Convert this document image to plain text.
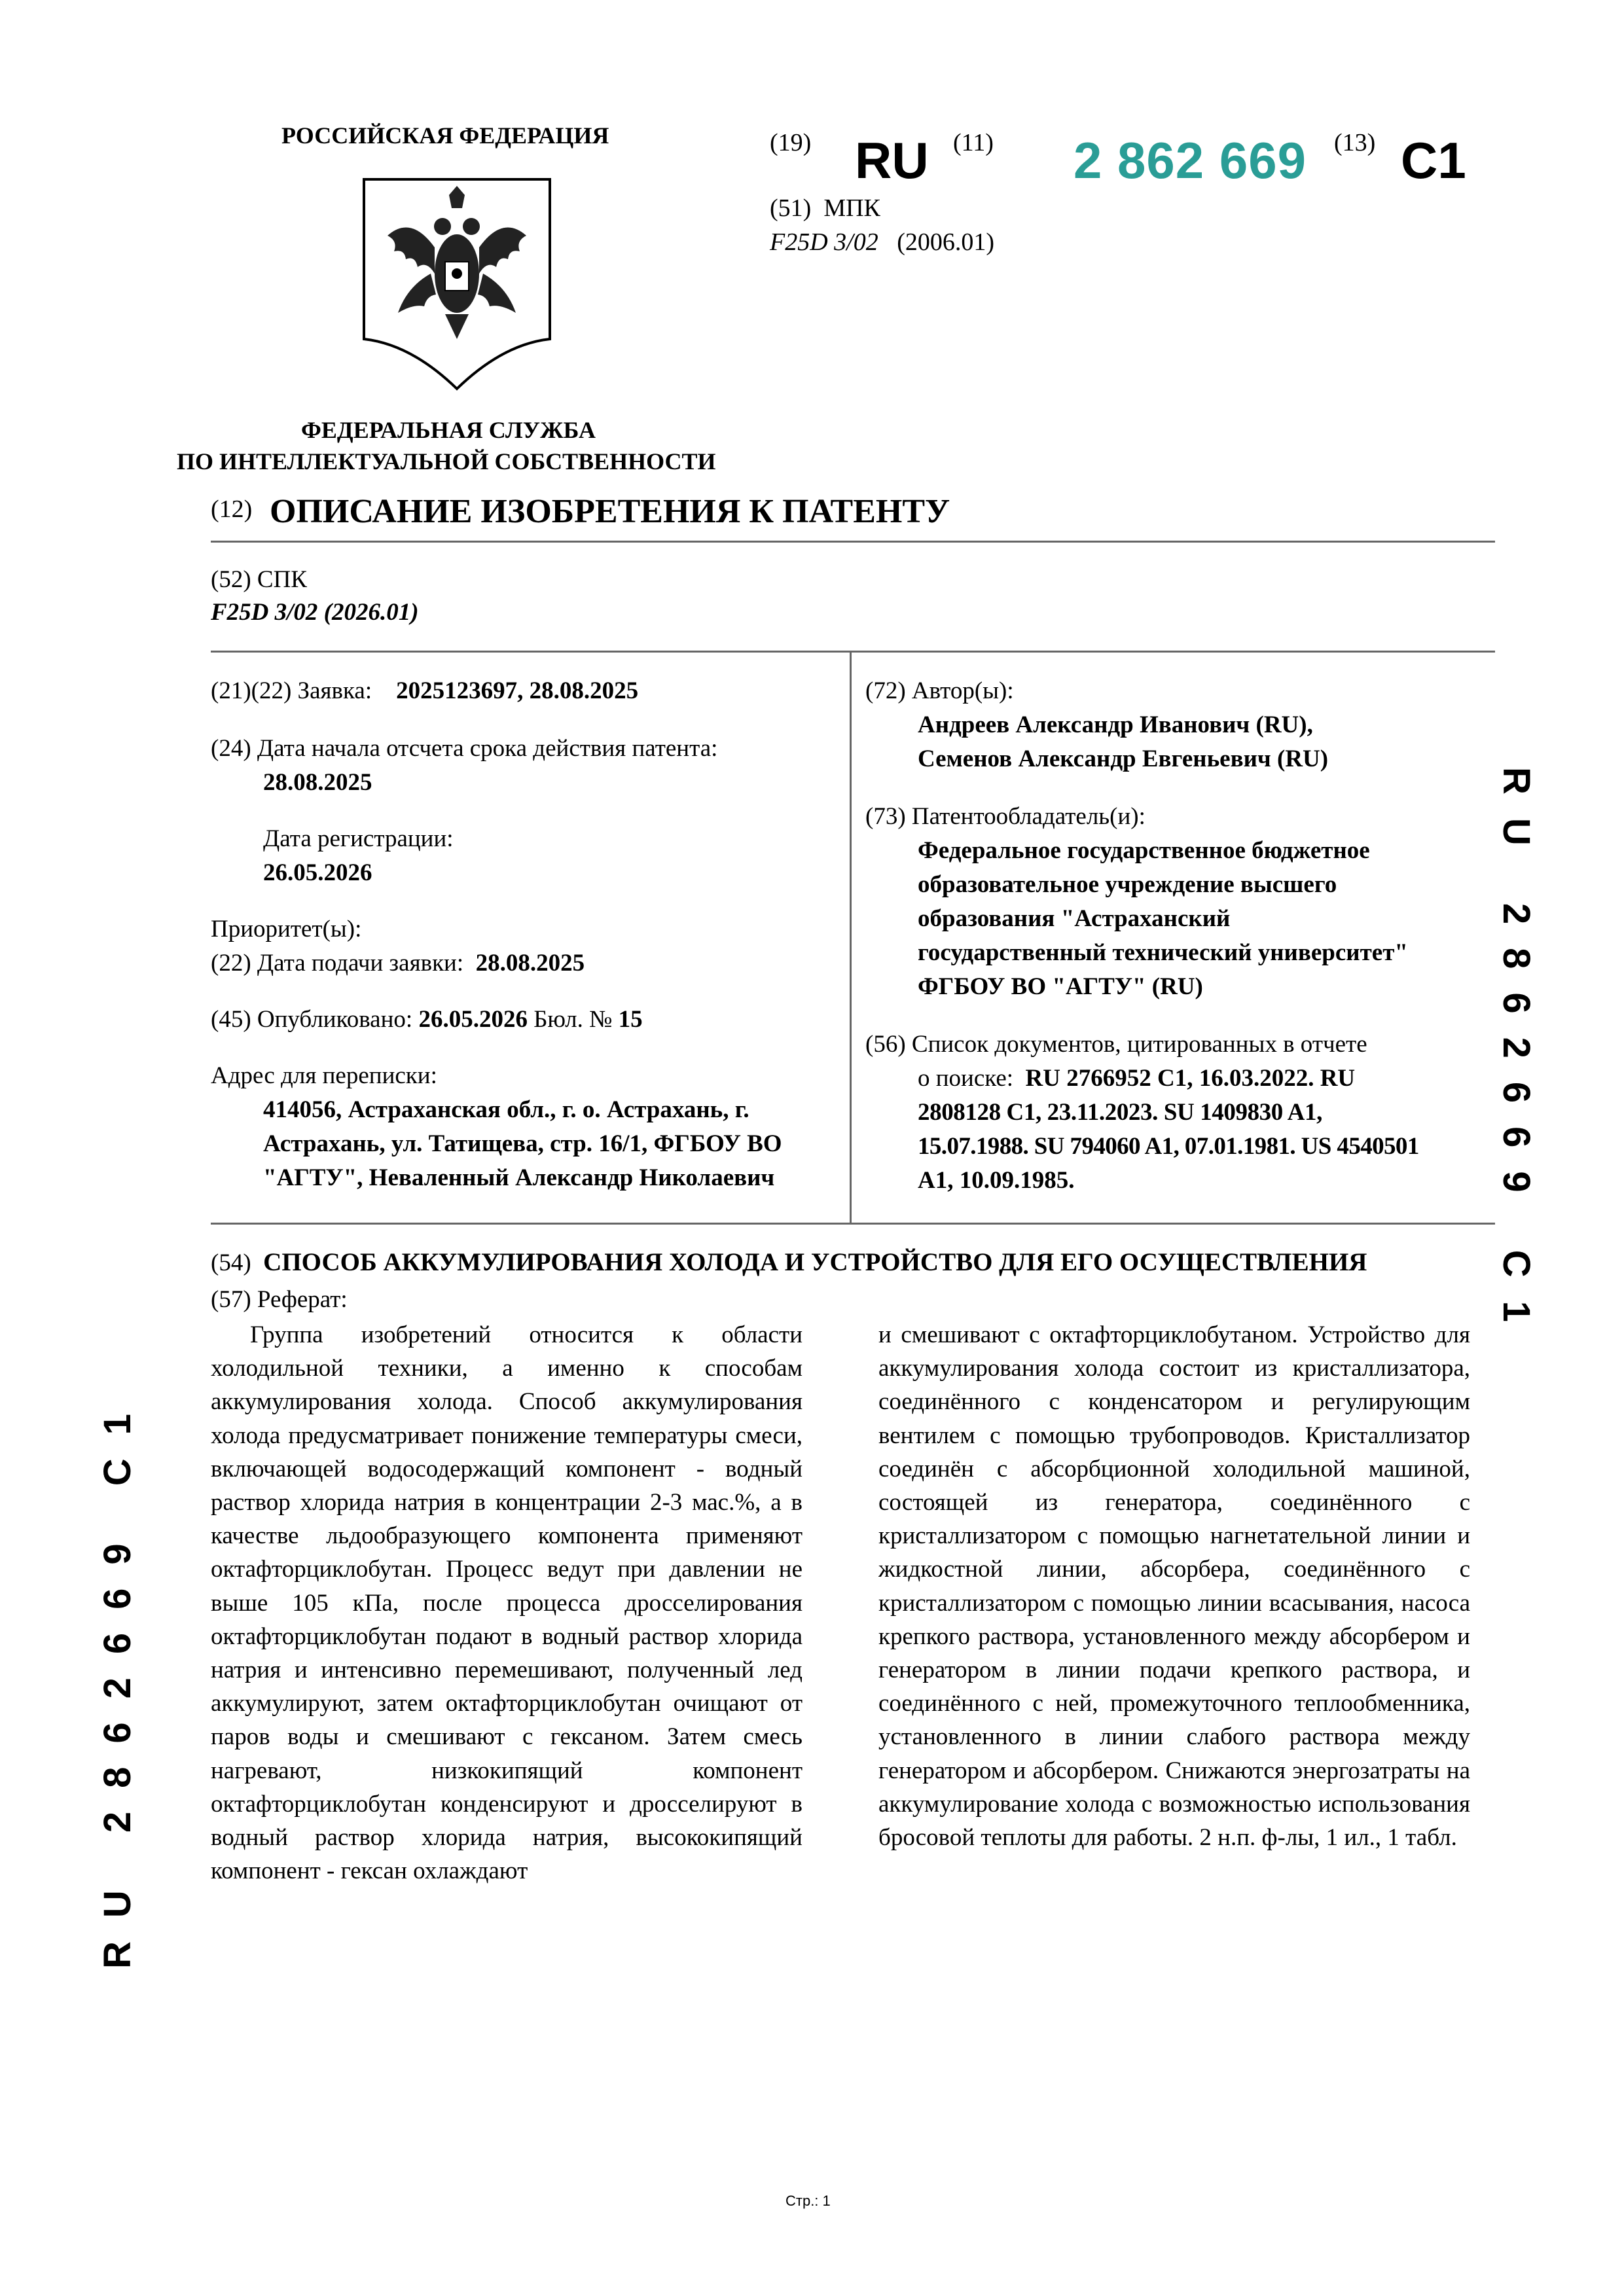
РОССИЙСКАЯ ФЕДЕРАЦИЯ
ФЕДЕРАЛЬНАЯ СЛУЖБА
ПО ИНТЕЛЛЕКТУАЛЬНОЙ СОБСТВЕННОСТИ
(19) RU (11) 2 862 669 (13) C1
(51) МПК
F25D 3/02 (2006.01)
(12) ОПИСАНИЕ ИЗОБРЕТЕНИЯ К ПАТЕНТУ
(52) СПК
F25D 3/02 (2026.01)
(21)(22) Заявка: 2025123697, 28.08.2025
(24) Дата начала отсчета срока действия патента:
28.08.2025
Дата регистрации:
26.05.2026
Приоритет(ы):
(22) Дата подачи заявки: 28.08.2025
(45) Опубликовано: 26.05.2026 Бюл. № 15
Адрес для переписки:
414056, Астраханская обл., г. о. Астрахань, г.
Астрахань, ул. Татищева, стр. 16/1, ФГБОУ ВО
"АГТУ", Неваленный Александр Николаевич
(72) Автор(ы):
Андреев Александр Иванович (RU),
Семенов Александр Евгеньевич (RU)
(73) Патентообладатель(и):
Федеральное государственное бюджетное
образовательное учреждение высшего
образования "Астраханский
государственный технический университет"
ФГБОУ ВО "АГТУ" (RU)
(56) Список документов, цитированных в отчете
о поиске: RU 2766952 C1, 16.03.2022. RU
2808128 C1, 23.11.2023. SU 1409830 A1,
15.07.1988. SU 794060 A1, 07.01.1981. US 4540501
A1, 10.09.1985.
(54) СПОСОБ АККУМУЛИРОВАНИЯ ХОЛОДА И УСТРОЙСТВО ДЛЯ ЕГО ОСУЩЕСТВЛЕНИЯ
(57) Реферат:

Группа изобретений относится к области холодильной техники, а именно к способам аккумулирования холода. Способ аккумулирования холода предусматривает понижение температуры смеси, включающей водосодержащий компонент - водный раствор хлорида натрия в концентрации 2-3 мас.%, а в качестве льдообразующего компонента применяют октафторциклобутан. Процесс ведут при давлении не выше 105 кПа, после процесса дросселирования октафторциклобутан подают в водный раствор хлорида натрия и интенсивно перемешивают, полученный лед аккумулируют, затем октафторциклобутан очищают от паров воды и смешивают с гексаном. Затем смесь нагревают, низкокипящий компонент октафторциклобутан конденсируют и дросселируют в водный раствор хлорида натрия, высококипящий компонент - гексан охлаждают

и смешивают с октафторциклобутаном. Устройство для аккумулирования холода состоит из кристаллизатора, соединённого с конденсатором и регулирующим вентилем с помощью трубопроводов. Кристаллизатор соединён с абсорбционной холодильной машиной, состоящей из генератора, соединённого с кристаллизатором с помощью нагнетательной линии и жидкостной линии, абсорбера, соединённого с кристаллизатором с помощью линии всасывания, насоса крепкого раствора, установленного между абсорбером и генератором в линии подачи крепкого раствора, и соединённого с ней, промежуточного теплообменника, установленного в линии слабого раствора между генератором и абсорбером. Снижаются энергозатраты на аккумулирование холода с возможностью использования бросовой теплоты для работы. 2 н.п. ф-лы, 1 ил., 1 табл.

RU 2862669 C1
RU 2862669 C1
Стр.: 1
